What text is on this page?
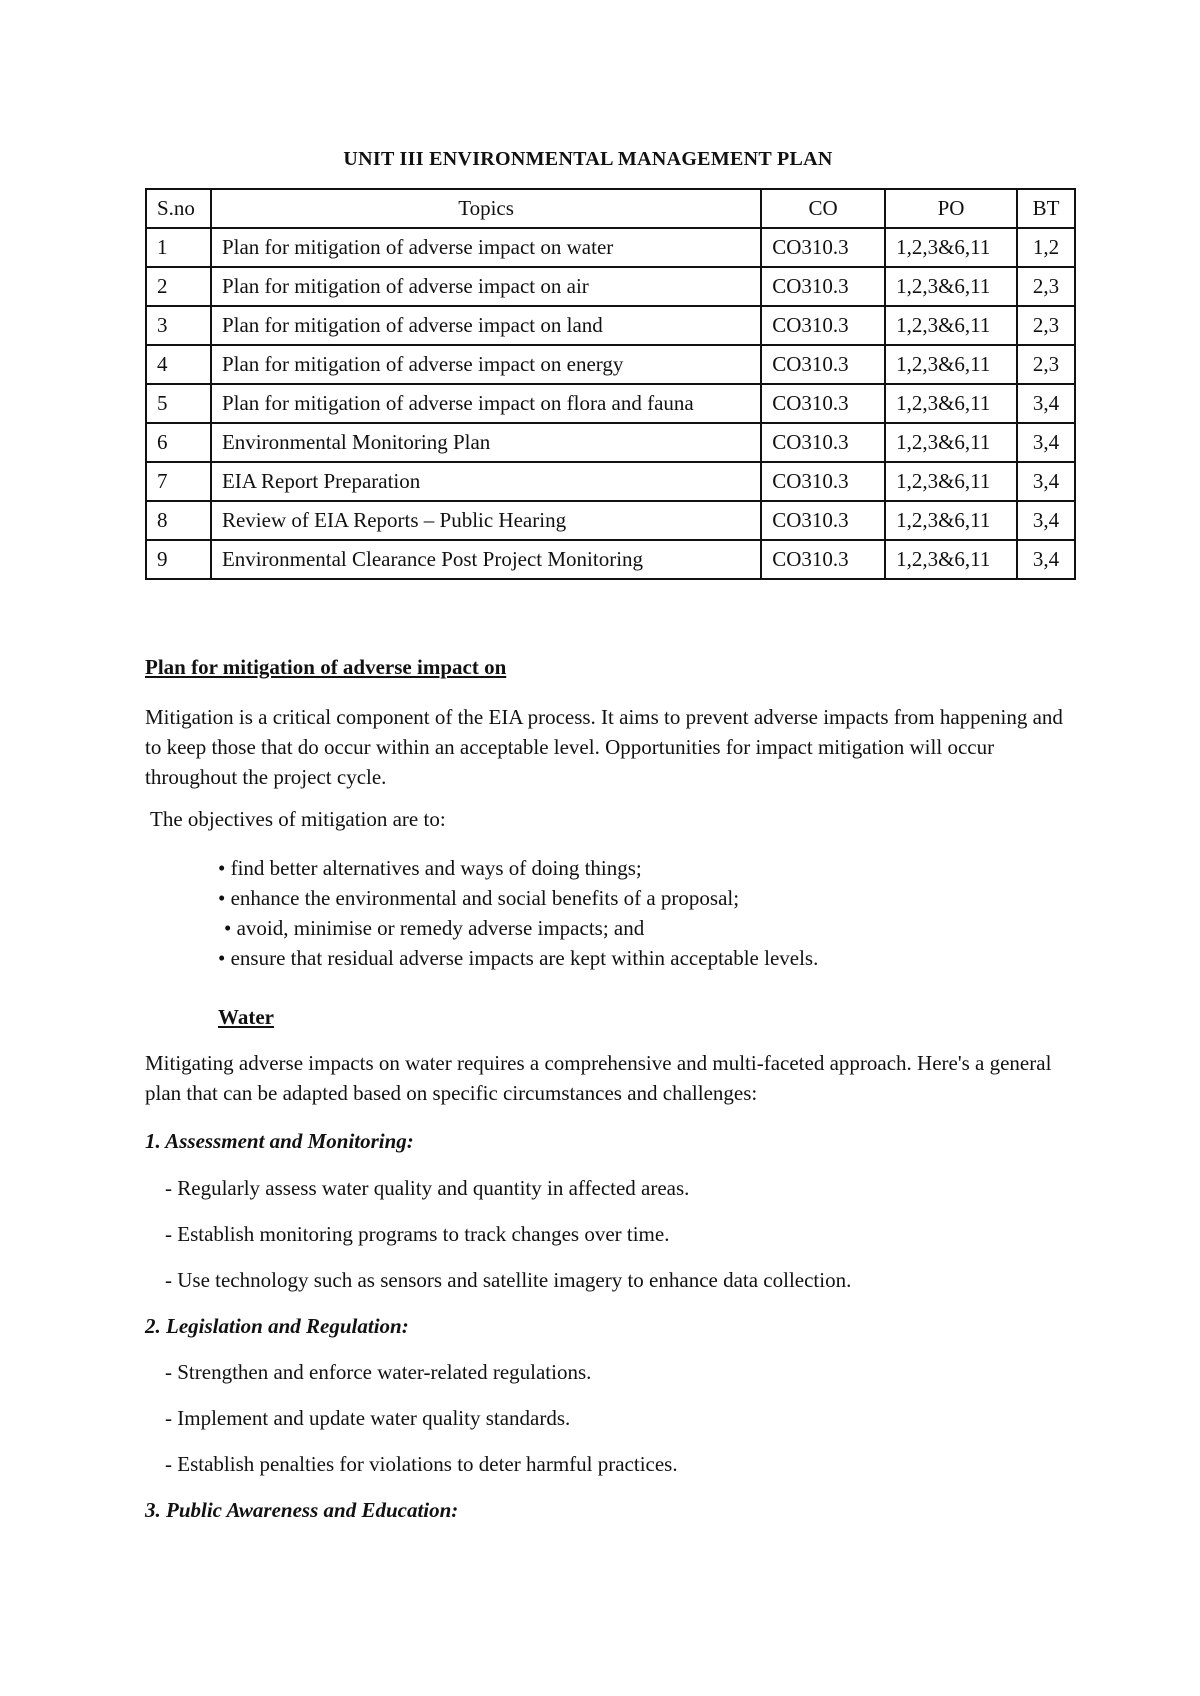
UNIT III ENVIRONMENTAL MANAGEMENT PLAN
S.no	Topics	CO	PO	BT
1	Plan for mitigation of adverse impact on water	CO310.3	1,2,3&6,11	1,2
2	Plan for mitigation of adverse impact on air	CO310.3	1,2,3&6,11	2,3
3	Plan for mitigation of adverse impact on land	CO310.3	1,2,3&6,11	2,3
4	Plan for mitigation of adverse impact on energy	CO310.3	1,2,3&6,11	2,3
5	Plan for mitigation of adverse impact on flora and fauna	CO310.3	1,2,3&6,11	3,4
6	Environmental Monitoring Plan	CO310.3	1,2,3&6,11	3,4
7	EIA Report Preparation	CO310.3	1,2,3&6,11	3,4
8	Review of EIA Reports – Public Hearing	CO310.3	1,2,3&6,11	3,4
9	Environmental Clearance Post Project Monitoring	CO310.3	1,2,3&6,11	3,4
Plan for mitigation of adverse impact on
Mitigation is a critical component of the EIA process. It aims to prevent adverse impacts from happening and to keep those that do occur within an acceptable level. Opportunities for impact mitigation will occur throughout the project cycle.
The objectives of mitigation are to:
• find better alternatives and ways of doing things;
• enhance the environmental and social benefits of a proposal;
• avoid, minimise or remedy adverse impacts; and
• ensure that residual adverse impacts are kept within acceptable levels.
Water
Mitigating adverse impacts on water requires a comprehensive and multi-faceted approach. Here's a general plan that can be adapted based on specific circumstances and challenges:
1. Assessment and Monitoring:
- Regularly assess water quality and quantity in affected areas.
- Establish monitoring programs to track changes over time.
- Use technology such as sensors and satellite imagery to enhance data collection.
2. Legislation and Regulation:
- Strengthen and enforce water-related regulations.
- Implement and update water quality standards.
- Establish penalties for violations to deter harmful practices.
3. Public Awareness and Education:
